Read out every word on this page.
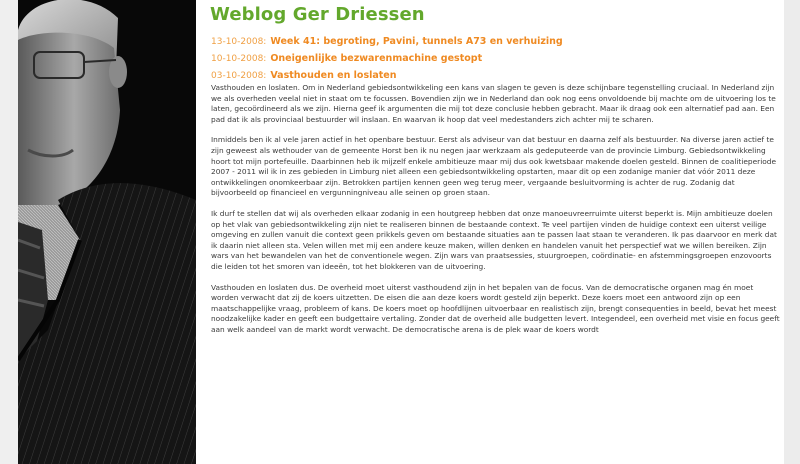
Weblog Ger Driessen
13-10-2008: Week 41: begroting, Pavini, tunnels A73 en verhuizing
10-10-2008: Oneigenlijke bezwarenmachine gestopt
03-10-2008: Vasthouden en loslaten

Vasthouden en loslaten. Om in Nederland gebiedsontwikkeling een kans van slagen te geven is deze schijnbare tegenstelling cruciaal. In Nederland zijn we als overheden veelal niet in staat om te focussen. Bovendien zijn we in Nederland dan ook nog eens onvoldoende bij machte om de uitvoering los te laten, gecoördineerd als we zijn. Hierna geef ik argumenten die mij tot deze conclusie hebben gebracht. Maar ik draag ook een alternatief pad aan. Een pad dat ik als provinciaal bestuurder wil inslaan. En waarvan ik hoop dat veel medestanders zich achter mij te scharen.

Inmiddels ben ik al vele jaren actief in het openbare bestuur. Eerst als adviseur van dat bestuur en daarna zelf als bestuurder. Na diverse jaren actief te zijn geweest als wethouder van de gemeente Horst ben ik nu negen jaar werkzaam als gedeputeerde van de provincie Limburg. Gebiedsontwikkeling hoort tot mijn portefeuille. Daarbinnen heb ik mijzelf enkele ambitieuze maar mij dus ook kwetsbaar makende doelen gesteld. Binnen de coalitieperiode 2007 - 2011 wil ik in zes gebieden in Limburg niet alleen een gebiedsontwikkeling opstarten, maar dit op een zodanige manier dat vóór 2011 deze ontwikkelingen onomkeerbaar zijn. Betrokken partijen kennen geen weg terug meer, vergaande besluitvorming is achter de rug. Zodanig dat bijvoorbeeld op financieel en vergunningniveau alle seinen op groen staan.

Ik durf te stellen dat wij als overheden elkaar zodanig in een houtgreep hebben dat onze manoeuvreerruimte uiterst beperkt is. Mijn ambitieuze doelen op het vlak van gebiedsontwikkeling zijn niet te realiseren binnen de bestaande context. Te veel partijen vinden de huidige context een uiterst veilige omgeving en zullen vanuit die context geen prikkels geven om bestaande situaties aan te passen laat staan te veranderen. Ik pas daarvoor en merk dat ik daarin niet alleen sta. Velen willen met mij een andere keuze maken, willen denken en handelen vanuit het perspectief wat we willen bereiken. Zijn wars van het bewandelen van het de conventionele wegen. Zijn wars van praatsessies, stuurgroepen, coördinatie- en afstemmingsgroepen enzovoorts die leiden tot het smoren van ideeën, tot het blokkeren van de uitvoering.

Vasthouden en loslaten dus. De overheid moet uiterst vasthoudend zijn in het bepalen van de focus. Van de democratische organen mag én moet worden verwacht dat zij de koers uitzetten. De eisen die aan deze koers wordt gesteld zijn beperkt. Deze koers moet een antwoord zijn op een maatschappelijke vraag, probleem of kans. De koers moet op hoofdlijnen uitvoerbaar en realistisch zijn, brengt consequenties in beeld, bevat het meest noodzakelijke kader en geeft een budgettaire vertaling. Zonder dat de overheid alle budgetten levert. Integendeel, een overheid met visie en focus geeft aan welk aandeel van de markt wordt verwacht. De democratische arena is de plek waar de koers wordt
